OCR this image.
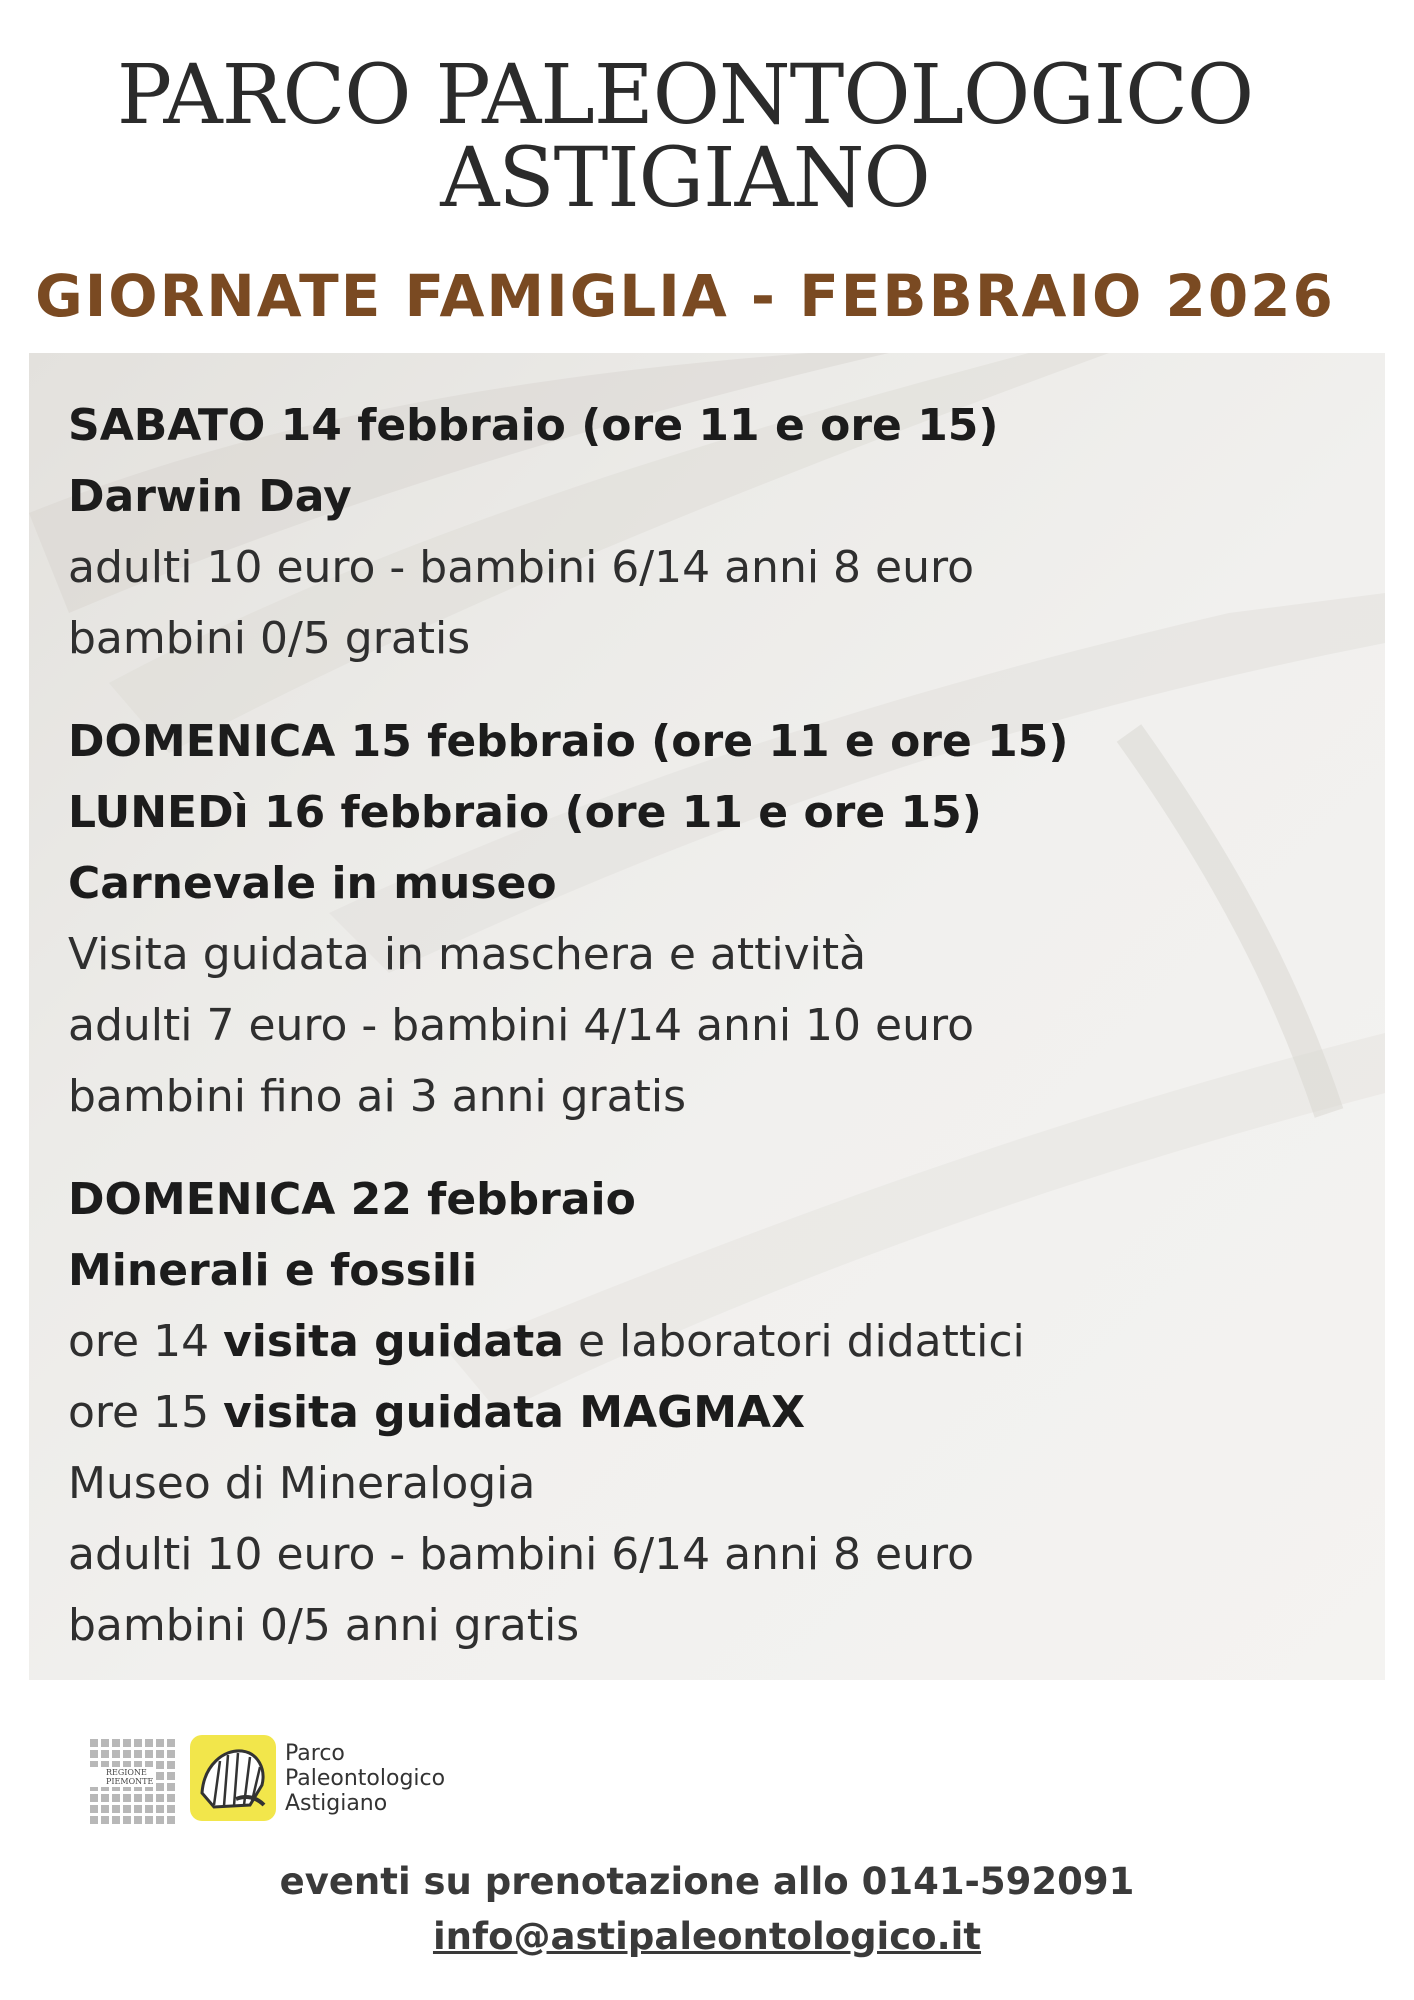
PARCO PALEONTOLOGICO
ASTIGIANO
GIORNATE FAMIGLIA - FEBBRAIO 2026
SABATO 14 febbraio (ore 11 e ore 15)
Darwin Day
adulti 10 euro - bambini 6/14 anni 8 euro
bambini 0/5 gratis
DOMENICA 15 febbraio (ore 11 e ore 15)
LUNEDì 16 febbraio (ore 11 e ore 15)
Carnevale in museo
Visita guidata in maschera e attività
adulti 7 euro - bambini 4/14 anni 10 euro
bambini fino ai 3 anni gratis
DOMENICA 22 febbraio
Minerali e fossili
ore 14 visita guidata e laboratori didattici
ore 15 visita guidata MAGMAX
Museo di Mineralogia
adulti 10 euro - bambini 6/14 anni 8 euro
bambini 0/5 anni gratis
REGIONE
PIEMONTE
Parco
Paleontologico
Astigiano
eventi su prenotazione allo 0141-592091
info@astipaleontologico.it
